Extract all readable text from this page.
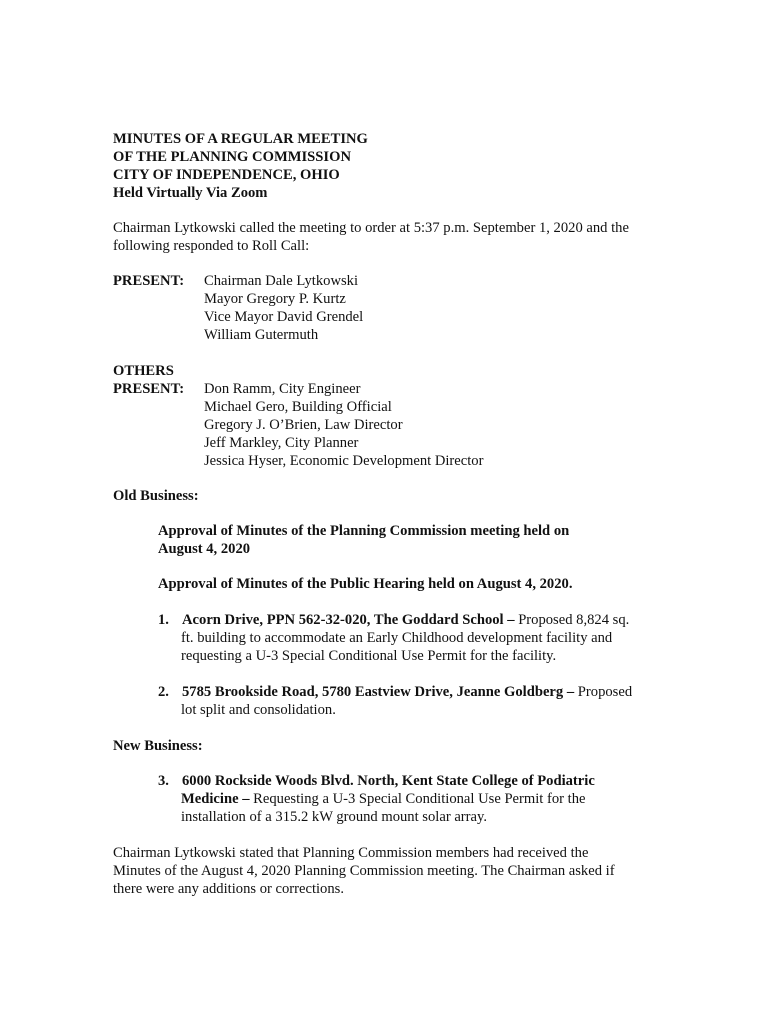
MINUTES OF A REGULAR MEETING
OF THE PLANNING COMMISSION
CITY OF INDEPENDENCE, OHIO
Held Virtually Via Zoom
Chairman Lytkowski called the meeting to order at 5:37 p.m. September 1, 2020 and the
following responded to Roll Call:
PRESENT: Chairman Dale Lytkowski
Mayor Gregory P. Kurtz
Vice Mayor David Grendel
William Gutermuth
OTHERS
PRESENT: Don Ramm, City Engineer
Michael Gero, Building Official
Gregory J. O’Brien, Law Director
Jeff Markley, City Planner
Jessica Hyser, Economic Development Director
Old Business:
Approval of Minutes of the Planning Commission meeting held on
August 4, 2020
Approval of Minutes of the Public Hearing held on August 4, 2020.
1. Acorn Drive, PPN 562-32-020, The Goddard School – Proposed 8,824 sq.
ft. building to accommodate an Early Childhood development facility and
requesting a U-3 Special Conditional Use Permit for the facility.
2. 5785 Brookside Road, 5780 Eastview Drive, Jeanne Goldberg – Proposed
lot split and consolidation.
New Business:
3. 6000 Rockside Woods Blvd. North, Kent State College of Podiatric
Medicine – Requesting a U-3 Special Conditional Use Permit for the
installation of a 315.2 kW ground mount solar array.
Chairman Lytkowski stated that Planning Commission members had received the
Minutes of the August 4, 2020 Planning Commission meeting. The Chairman asked if
there were any additions or corrections.
